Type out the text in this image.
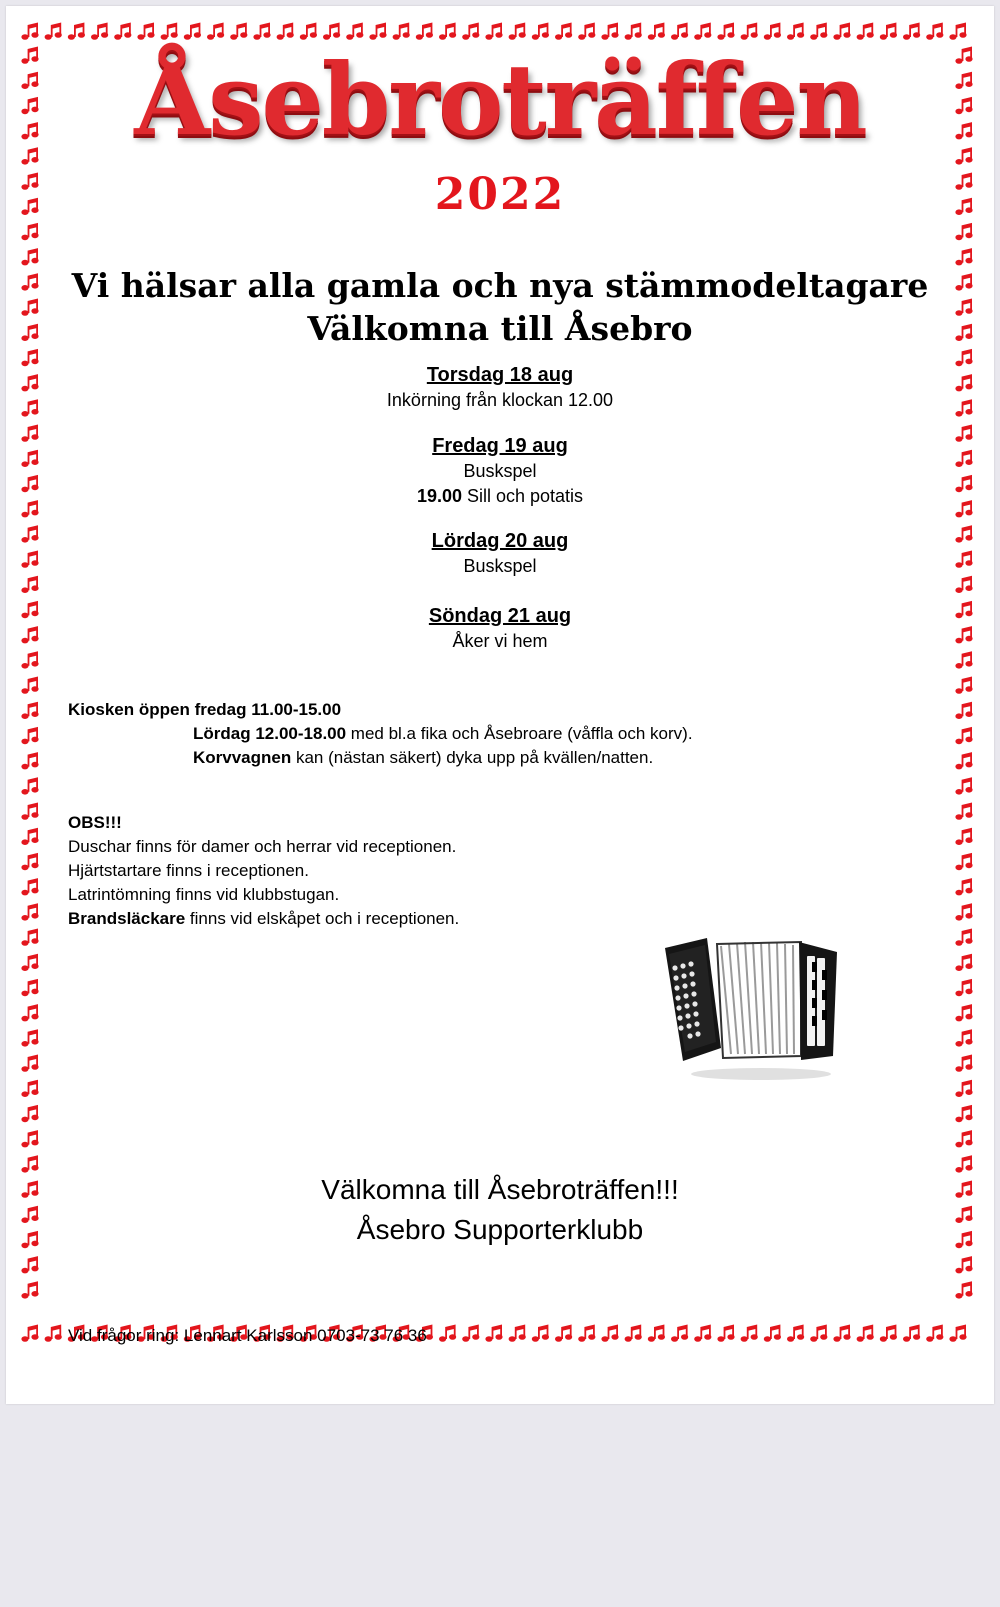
Åsebroträffen
2022
Vi hälsar alla gamla och nya stämmodeltagare
Välkomna till Åsebro
Torsdag 18 aug
Inkörning från klockan 12.00
Fredag 19 aug
Buskspel
19.00 Sill och potatis
Lördag 20 aug
Buskspel
Söndag 21 aug
Åker vi hem
Kiosken öppen fredag 11.00-15.00
Lördag 12.00-18.00 med bl.a fika och Åsebroare (våffla och korv).
Korvvagnen kan (nästan säkert) dyka upp på kvällen/natten.
OBS!!!
Duschar finns för damer och herrar vid receptionen.
Hjärtstartare finns i receptionen.
Latrintömning finns vid klubbstugan.
Brandsläckare finns vid elskåpet och i receptionen.
Välkomna till Åsebroträffen!!!
Åsebro Supporterklubb
Vid frågor ring: Lennart Karlsson 0703-73 76 36
